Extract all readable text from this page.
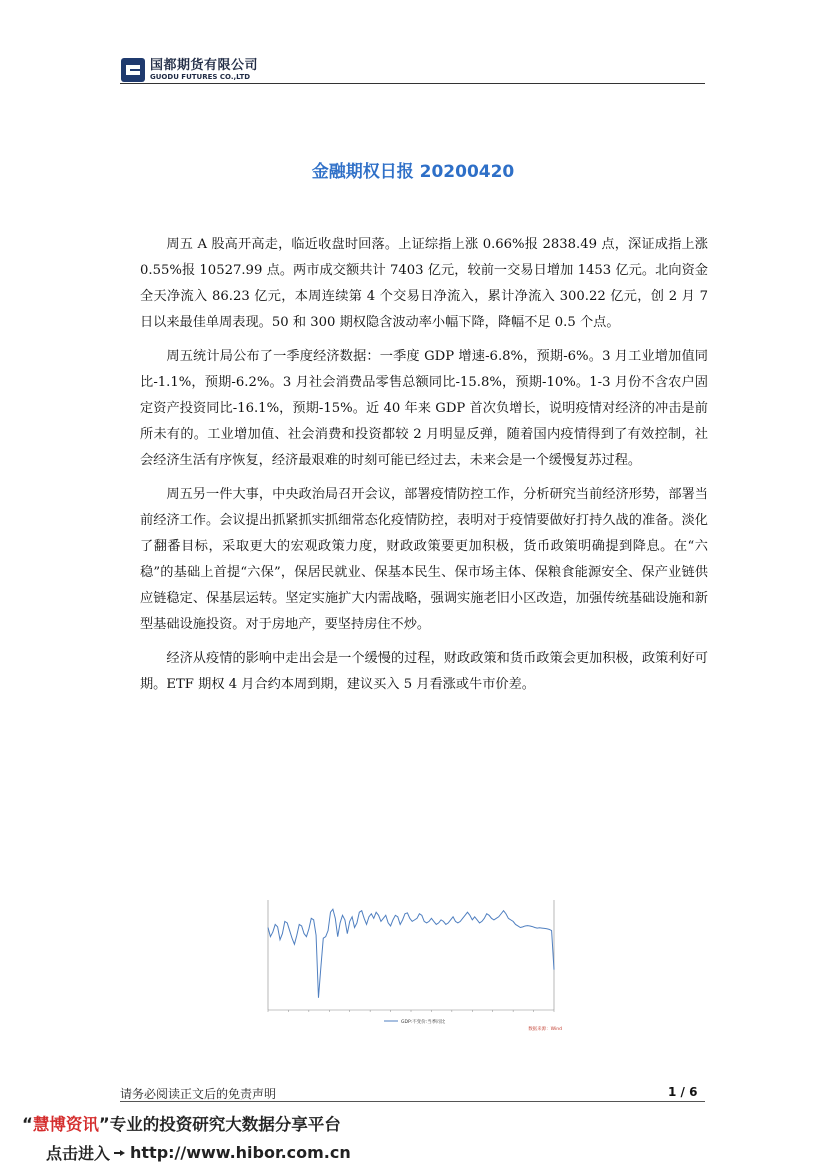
国都期货有限公司
GUODU FUTURES CO.,LTD
金融期权日报 20200420

周五 A 股高开高走，临近收盘时回落。上证综指上涨 0.66%报 2838.49 点，深证成指上涨 0.55%报 10527.99 点。两市成交额共计 7403 亿元，较前一交易日增加 1453 亿元。北向资金全天净流入 86.23 亿元，本周连续第 4 个交易日净流入，累计净流入 300.22 亿元，创 2 月 7 日以来最佳单周表现。50 和 300 期权隐含波动率小幅下降，降幅不足 0.5 个点。

周五统计局公布了一季度经济数据：一季度 GDP 增速-6.8%，预期-6%。3 月工业增加值同比-1.1%，预期-6.2%。3 月社会消费品零售总额同比-15.8%，预期-10%。1-3 月份不含农户固定资产投资同比-16.1%，预期-15%。近 40 年来 GDP 首次负增长，说明疫情对经济的冲击是前所未有的。工业增加值、社会消费和投资都较 2 月明显反弹，随着国内疫情得到了有效控制，社会经济生活有序恢复，经济最艰难的时刻可能已经过去，未来会是一个缓慢复苏过程。

周五另一件大事，中央政治局召开会议，部署疫情防控工作，分析研究当前经济形势，部署当前经济工作。会议提出抓紧抓实抓细常态化疫情防控，表明对于疫情要做好打持久战的准备。淡化了翻番目标，采取更大的宏观政策力度，财政政策要更加积极，货币政策明确提到降息。在“六稳”的基础上首提“六保”，保居民就业、保基本民生、保市场主体、保粮食能源安全、保产业链供应链稳定、保基层运转。坚定实施扩大内需战略，强调实施老旧小区改造，加强传统基础设施和新型基础设施投资。对于房地产，要坚持房住不炒。

经济从疫情的影响中走出会是一个缓慢的过程，财政政策和货币政策会更加积极，政策利好可期。ETF 期权 4 月合约本周到期，建议买入 5 月看涨或牛市价差。

GDP:不变价:当季同比
数据来源：Wind
请务必阅读正文后的免责声明	1 / 6
“慧博资讯”专业的投资研究大数据分享平台
点击进入 http://www.hibor.com.cn
